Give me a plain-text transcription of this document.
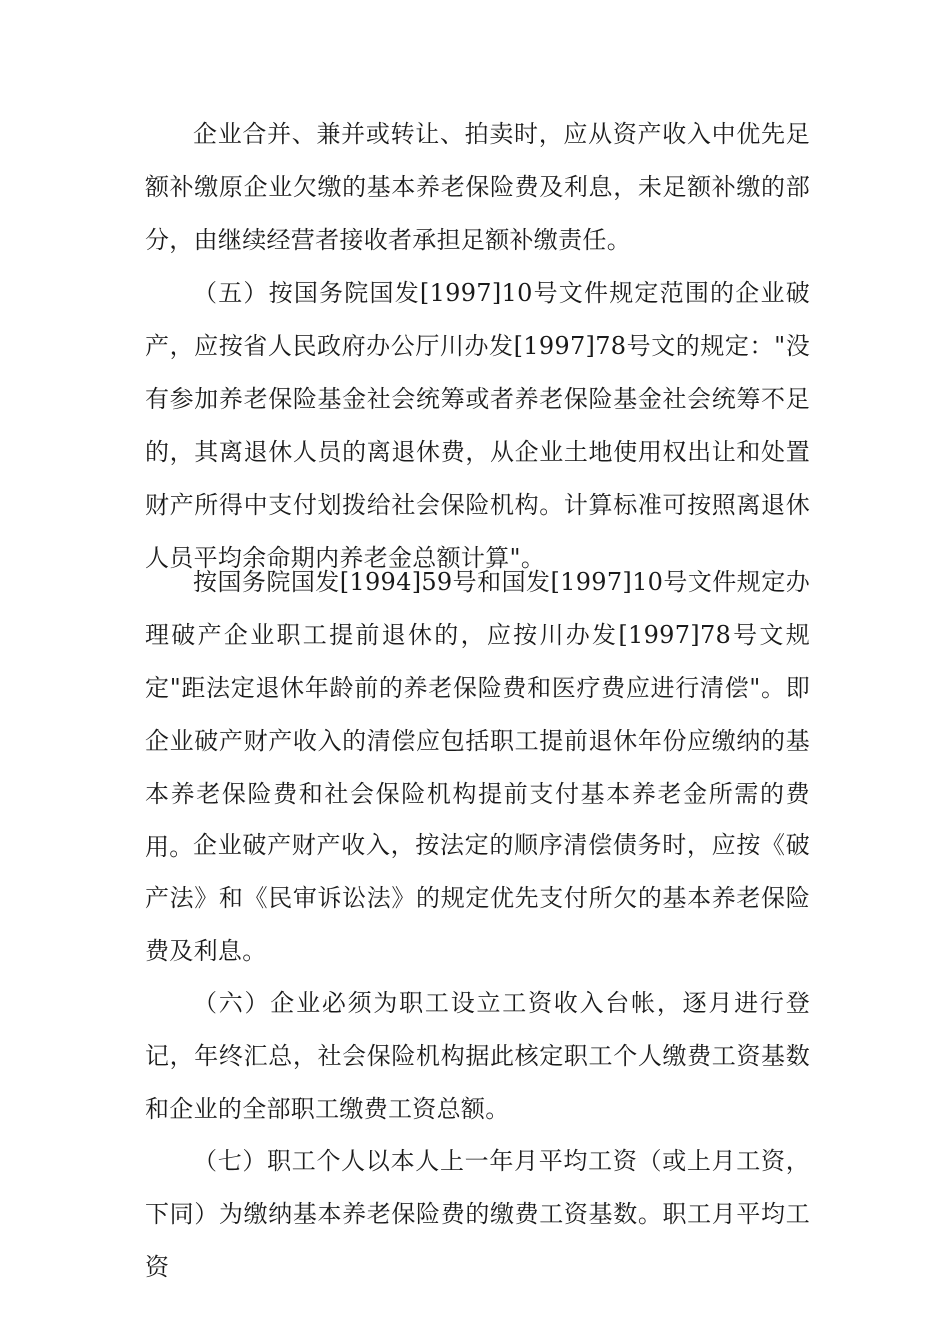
企业合并、兼并或转让、拍卖时，应从资产收入中优先足额补缴原企业欠缴的基本养老保险费及利息，未足额补缴的部分，由继续经营者接收者承担足额补缴责任。

（五）按国务院国发[1997]10号文件规定范围的企业破产，应按省人民政府办公厅川办发[1997]78号文的规定："没有参加养老保险基金社会统筹或者养老保险基金社会统筹不足的，其离退休人员的离退休费，从企业土地使用权出让和处置财产所得中支付划拨给社会保险机构。计算标准可按照离退休人员平均余命期内养老金总额计算"。

按国务院国发[1994]59号和国发[1997]10号文件规定办理破产企业职工提前退休的，应按川办发[1997]78号文规定"距法定退休年龄前的养老保险费和医疗费应进行清偿"。即企业破产财产收入的清偿应包括职工提前退休年份应缴纳的基本养老保险费和社会保险机构提前支付基本养老金所需的费用。 企业破产财产收入，按法定的顺序清偿债务时，应按《破产法》和《民审诉讼法》的规定优先支付所欠的基本养老保险费及利息。

（六）企业必须为职工设立工资收入台帐，逐月进行登记，年终汇总，社会保险机构据此核定职工个人缴费工资基数和企业的全部职工缴费工资总额。

（七）职工个人以本人上一年月平均工资（或上月工资，下同）为缴纳基本养老保险费的缴费工资基数。职工月平均工资
